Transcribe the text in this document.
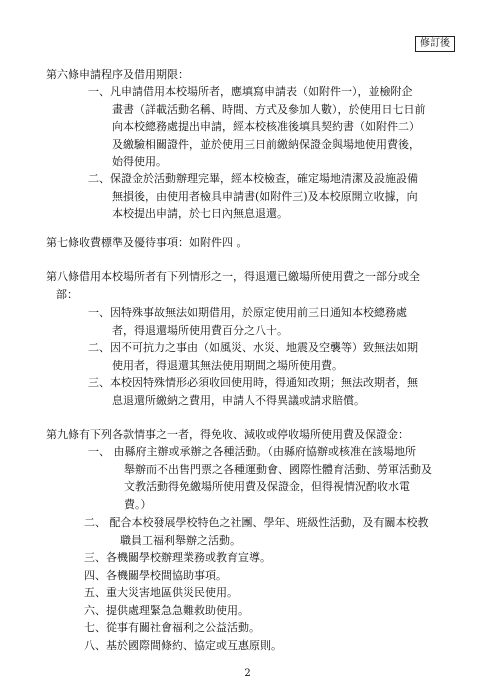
修訂後
第六條申請程序及借用期限：
一、凡申請借用本校場所者，應填寫申請表（如附件一），並檢附企
畫書（詳載活動名稱、時間、方式及參加人數），於使用日七日前
向本校總務處提出申請，經本校核准後填具契約書（如附件二）
及繳驗相關證件，並於使用三日前繳納保證金與場地使用費後，
始得使用。
二、保證金於活動辦理完畢，經本校檢查，確定場地清潔及設施設備
無損後，由使用者檢具申請書(如附件三)及本校原開立收據，向
本校提出申請，於七日內無息退還。
第七條收費標準及優待事項：如附件四 。
第八條借用本校場所者有下列情形之一，得退還已繳場所使用費之一部分或全
部：
一、因特殊事故無法如期借用，於原定使用前三日通知本校總務處
者，得退還場所使用費百分之八十。
二、因不可抗力之事由（如風災、水災、地震及空襲等）致無法如期
使用者，得退還其無法使用期間之場所使用費。
三、本校因特殊情形必須收回使用時，得通知改期；無法改期者，無
息退還所繳納之費用，申請人不得異議或請求賠償。
第九條有下列各款情事之一者，得免收、減收或停收場所使用費及保證金：
一、 由縣府主辦或承辦之各種活動。（由縣府協辦或核准在該場地所
舉辦而不出售門票之各種運動會、國際性體育活動、勞軍活動及
文教活動得免繳場所使用費及保證金，但得視情況酌收水電
費。）
二、 配合本校發展學校特色之社團、學年、班級性活動，及有關本校教
職員工福利舉辦之活動。
三、各機關學校辦理業務或教育宣導。
四、各機關學校間協助事項。
五、重大災害地區供災民使用。
六、提供處理緊急急難救助使用。
七、從事有關社會福利之公益活動。
八、基於國際間條約、協定或互惠原則。
2
